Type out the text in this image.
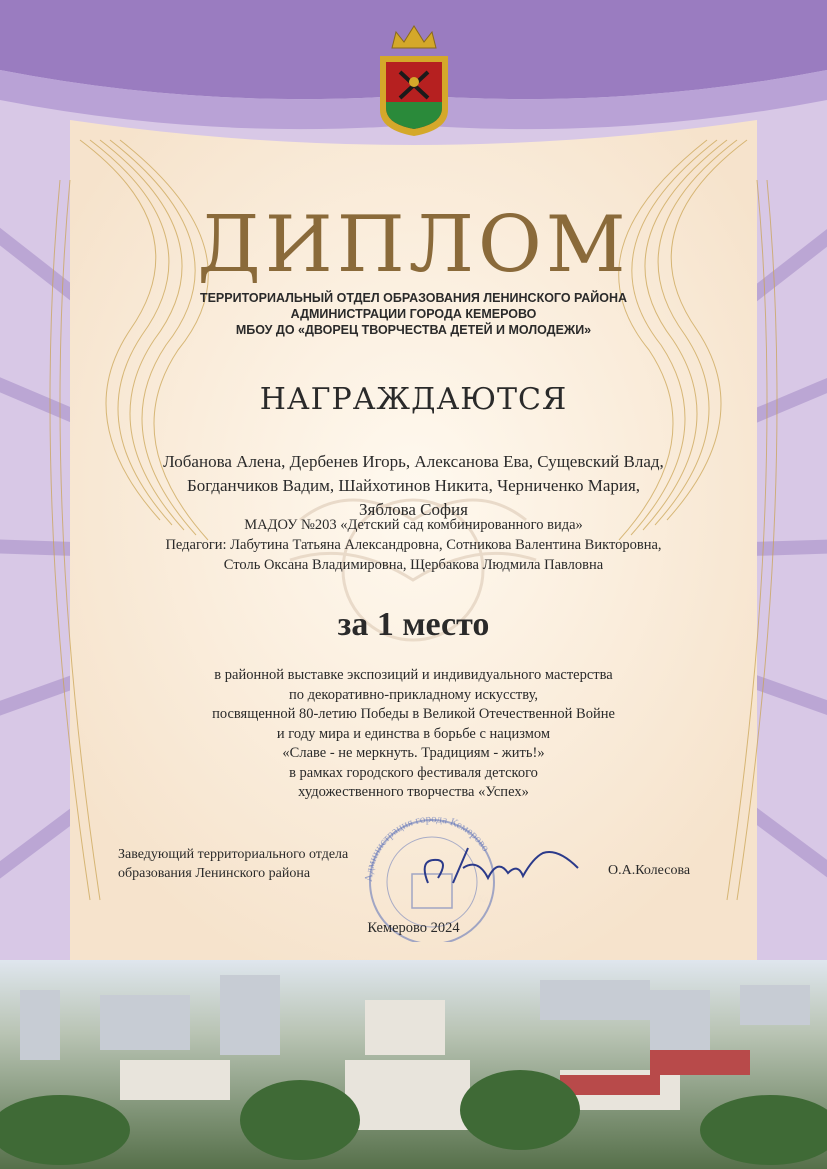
ДИПЛОМ
ТЕРРИТОРИАЛЬНЫЙ ОТДЕЛ ОБРАЗОВАНИЯ ЛЕНИНСКОГО РАЙОНА
АДМИНИСТРАЦИИ ГОРОДА КЕМЕРОВО
МБОУ ДО «ДВОРЕЦ ТВОРЧЕСТВА ДЕТЕЙ И МОЛОДЕЖИ»
НАГРАЖДАЮТСЯ
Лобанова Алена, Дербенев Игорь, Алексанова Ева, Сущевский Влад,
Богданчиков Вадим, Шайхотинов Никита, Черниченко Мария,
Зяблова София
МАДОУ №203 «Детский сад комбинированного вида»
Педагоги: Лабутина Татьяна Александровна, Сотникова Валентина Викторовна,
Столь Оксана Владимировна, Щербакова Людмила Павловна
за 1 место
в районной выставке экспозиций и индивидуального мастерства
по декоративно-прикладному искусству,
посвященной 80-летию Победы в Великой Отечественной Войне
и году мира и единства в борьбе с нацизмом
«Славе - не меркнуть. Традициям - жить!»
в рамках городского фестиваля детского
художественного творчества «Успех»
Администрация города Кемерово
Заведующий территориального отдела
образования Ленинского района	О.А.Колесова
Кемерово 2024
